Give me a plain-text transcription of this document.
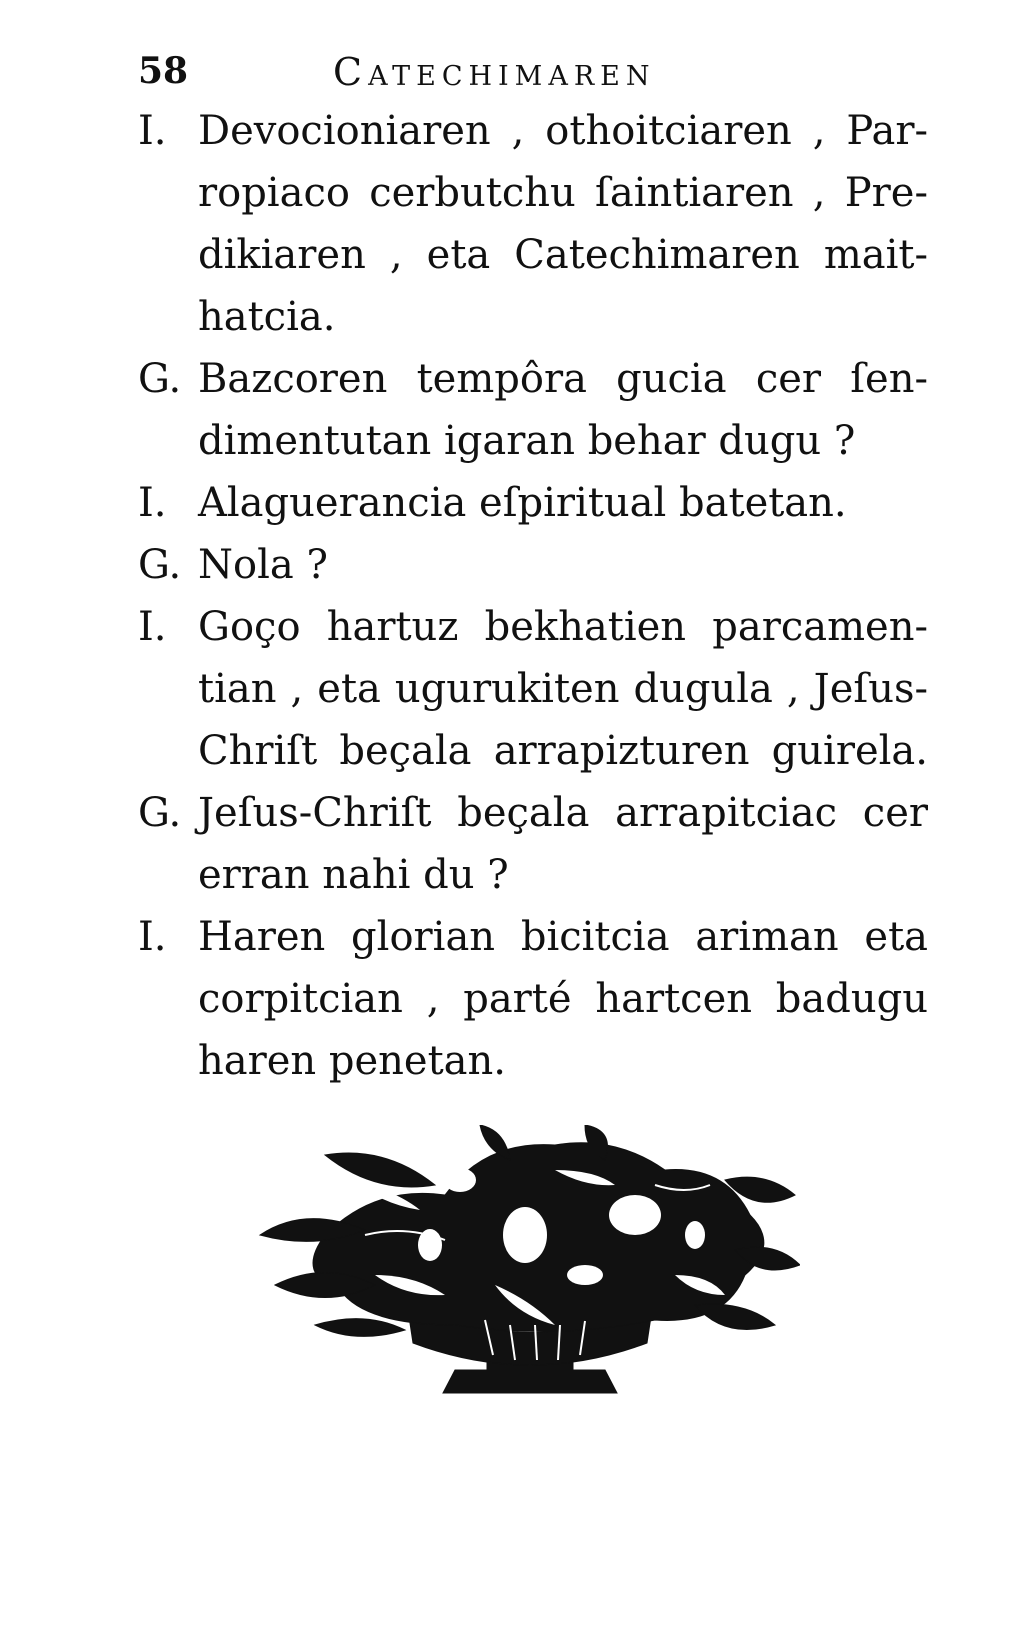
58	Catechimaren
I. Devocioniaren , othoitciaren , Par-
ropiaco cerbutchu ſaintiaren , Pre-
dikiaren , eta Catechimaren mait-
hatcia.
G. Bazcoren tempôra gucia cer ſen-
dimentutan igaran behar dugu ?
I. Alaguerancia eſpiritual batetan.
G. Nola ?
I. Goço hartuz bekhatien parcamen-
tian , eta ugurukiten dugula , Jeſus-
Chriſt beçala arrapizturen guirela.
G. Jeſus-Chriſt beçala arrapitciac cer
erran nahi du ?
I. Haren glorian bicitcia ariman eta
corpitcian , parté hartcen badugu
haren penetan.
